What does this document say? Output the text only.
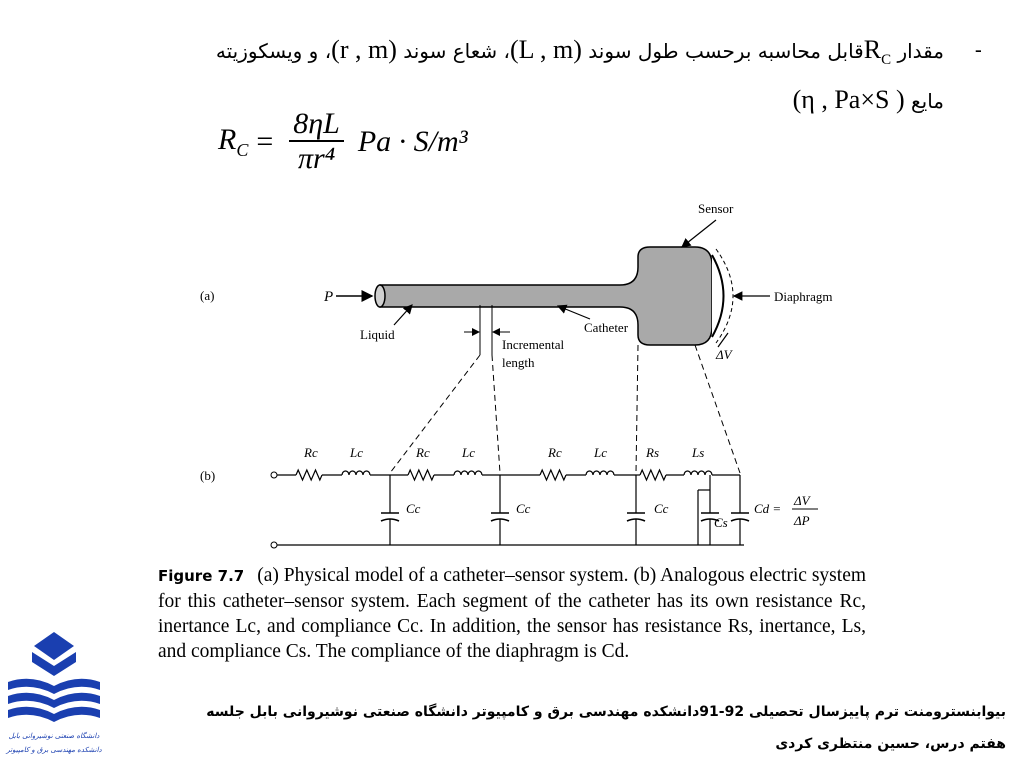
-
مقدار $R_Cقابل$ محاسبه برحسب طول سوند (L , m)، شعاع سوند (r , m)، و ویسکوزیته
مایع (η , Pa×S )
$R_C = \frac{8\eta L}{\text{πr⁴}}$ Pa · S/m³
(a)	P
Sensor
Liquid	Catheter
Incremental
length
Diaphragm
ΔV
(b)
Rc Lc	Rc Lc	Rc Lc	Rs	Ls
Cc	Cc	Cc
Cs
Cd =
ΔV
ΔP
Figure 7.7 (a) Physical model of a catheter–sensor system. (b) Analogous electric system for this catheter–sensor system. Each segment of the catheter has its own resistance Rc, inertance Lc, and compliance Cc. In addition, the sensor has resistance Rs, inertance, Ls, and compliance Cs. The compliance of the diaphragm is Cd.
دانشگاه صنعتی نوشیروانی بابل
دانشکده مهندسی برق و کامپیوتر
بیوابنسترومنت ترم پاییزسال تحصیلی 92-91دانشکده مهندسی برق و کامپیوتر دانشگاه صنعتی نوشیروانی بابل جلسه
هفتم درس، حسین منتظری کردی
